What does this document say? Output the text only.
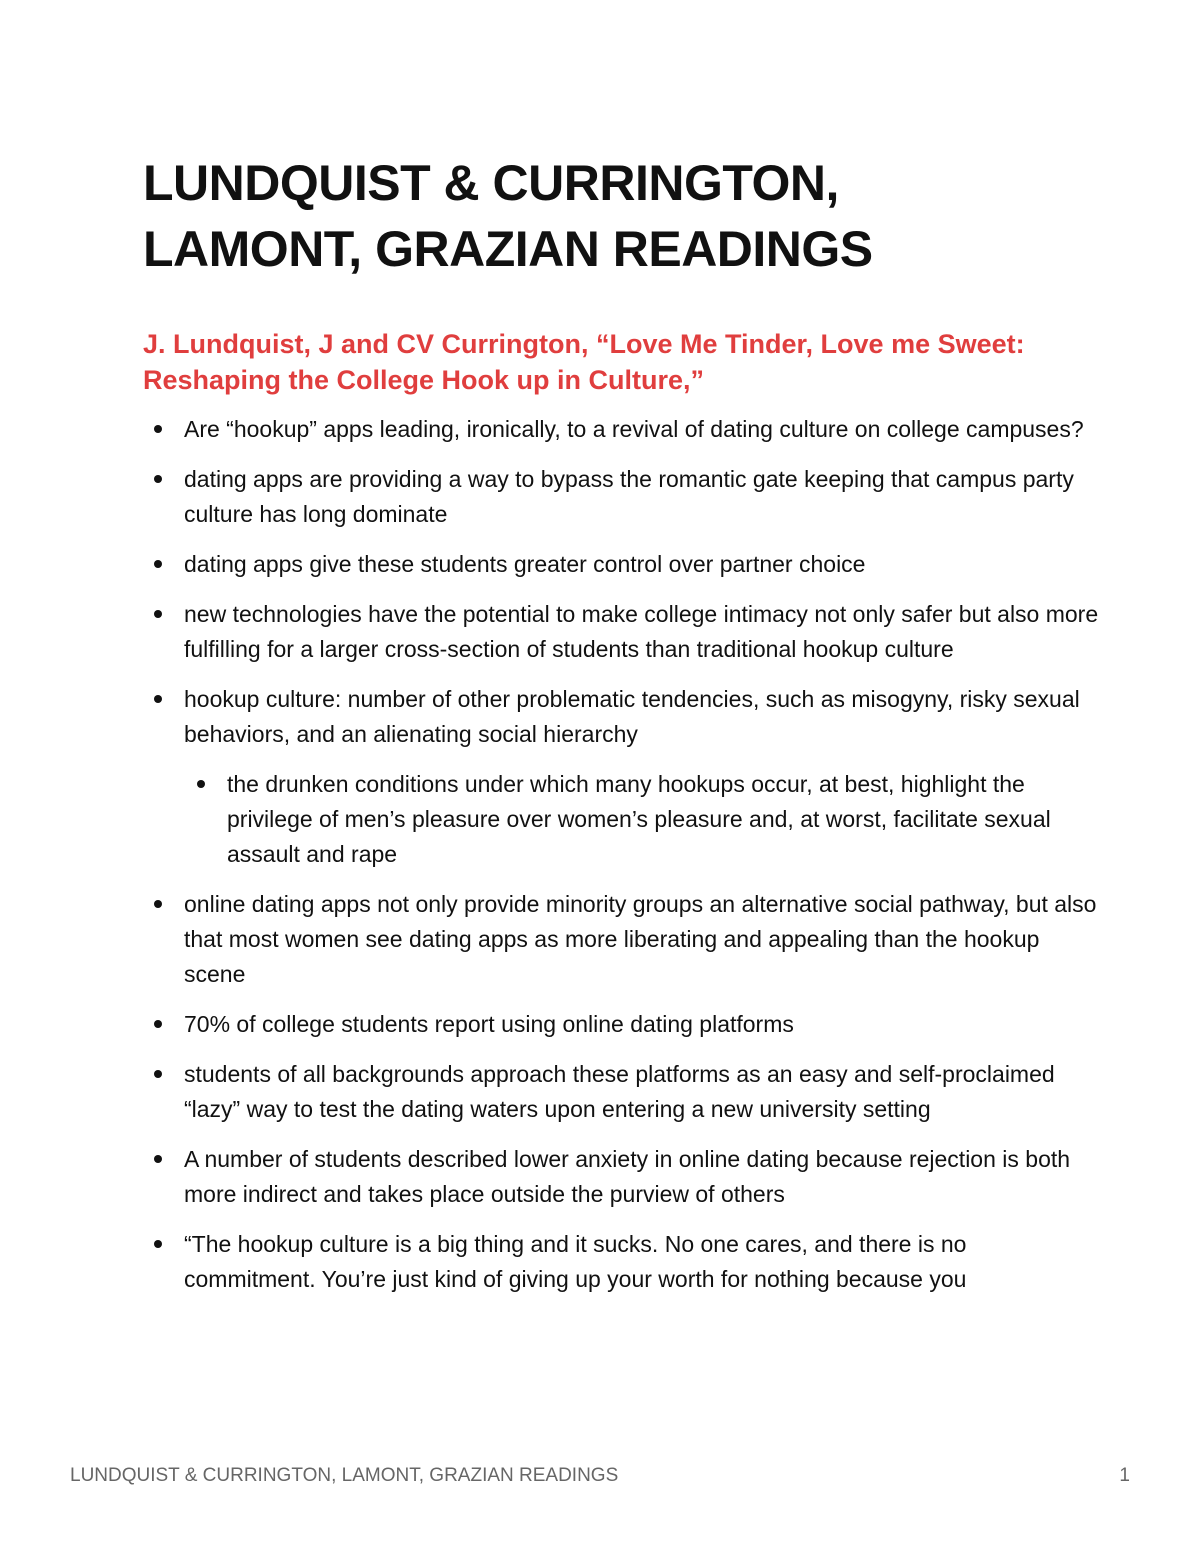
LUNDQUIST & CURRINGTON,
LAMONT, GRAZIAN READINGS
J. Lundquist, J and CV Currington, “Love Me Tinder, Love me Sweet: Reshaping the College Hook up in Culture,”
Are “hookup” apps leading, ironically, to a revival of dating culture on college campuses?
dating apps are providing a way to bypass the romantic gate keeping that campus party culture has long dominate
dating apps give these students greater control over partner choice
new technologies have the potential to make college intimacy not only safer but also more fulfilling for a larger cross-section of students than traditional hookup culture
hookup culture: number of other problematic tendencies, such as misogyny, risky sexual behaviors, and an alienating social hierarchy
the drunken conditions under which many hookups occur, at best, highlight the privilege of men’s pleasure over women’s pleasure and, at worst, facilitate sexual assault and rape
online dating apps not only provide minority groups an alternative social pathway, but also that most women see dating apps as more liberating and appealing than the hookup scene
70% of college students report using online dating platforms
students of all backgrounds approach these platforms as an easy and self-proclaimed “lazy” way to test the dating waters upon entering a new university setting
A number of students described lower anxiety in online dating because rejection is both more indirect and takes place outside the purview of others
“The hookup culture is a big thing and it sucks. No one cares, and there is no commitment. You’re just kind of giving up your worth for nothing because you
LUNDQUIST & CURRINGTON, LAMONT, GRAZIAN READINGS	1
